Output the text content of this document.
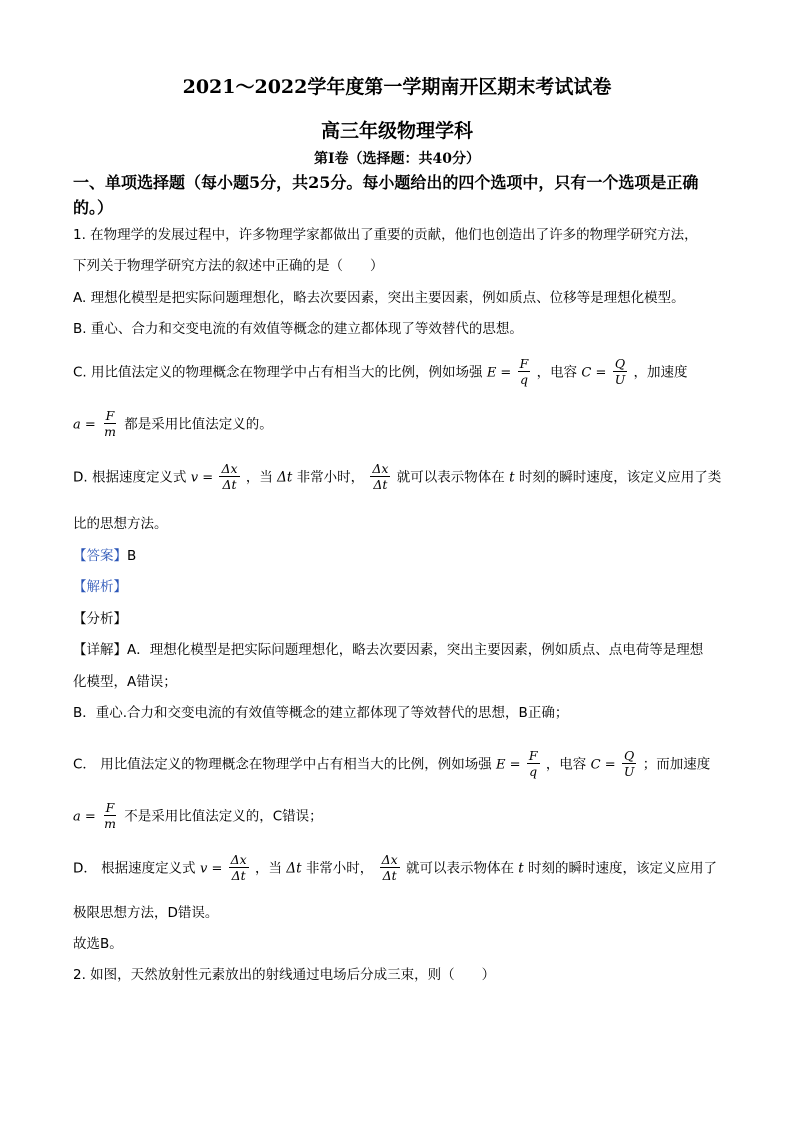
2021～2022学年度第一学期南开区期末考试试卷
高三年级物理学科
第Ⅰ卷（选择题：共40分）
一、单项选择题（每小题5分，共25分。每小题给出的四个选项中，只有一个选项是正确
的。）
1. 在物理学的发展过程中，许多物理学家都做出了重要的贡献，他们也创造出了许多的物理学研究方法，
下列关于物理学研究方法的叙述中正确的是（　　）
A. 理想化模型是把实际问题理想化，略去次要因素，突出主要因素，例如质点、位移等是理想化模型。
B. 重心、合力和交变电流的有效值等概念的建立都体现了等效替代的思想。
C. 用比值法定义的物理概念在物理学中占有相当大的比例，例如场强 $E = \frac{F}{q}$ ，电容 $C = \frac{Q}{U}$ ，加速度
$a = \frac{F}{m}$ 都是采用比值法定义的。
D. 根据速度定义式 $v = \frac{\Delta x}{\Delta t}$ ，当 Δt 非常小时， $\frac{\Delta x}{\Delta t}$ 就可以表示物体在 t 时刻的瞬时速度，该定义应用了类
比的思想方法。
【答案】B
【解析】
【分析】
【详解】A．理想化模型是把实际问题理想化，略去次要因素，突出主要因素，例如质点、点电荷等是理想
化模型，A错误；
B．重心.合力和交变电流的有效值等概念的建立都体现了等效替代的思想，B正确；
C． 用比值法定义的物理概念在物理学中占有相当大的比例，例如场强 $E = \frac{F}{q}$ ，电容 $C = \frac{Q}{U}$ ；而加速度
$a = \frac{F}{m}$ 不是采用比值法定义的，C错误；
D． 根据速度定义式 $v = \frac{\Delta x}{\Delta t}$ ，当 Δt 非常小时， $\frac{\Delta x}{\Delta t}$ 就可以表示物体在 t 时刻的瞬时速度，该定义应用了
极限思想方法，D错误。
故选B。
2. 如图，天然放射性元素放出的射线通过电场后分成三束，则（　　）
